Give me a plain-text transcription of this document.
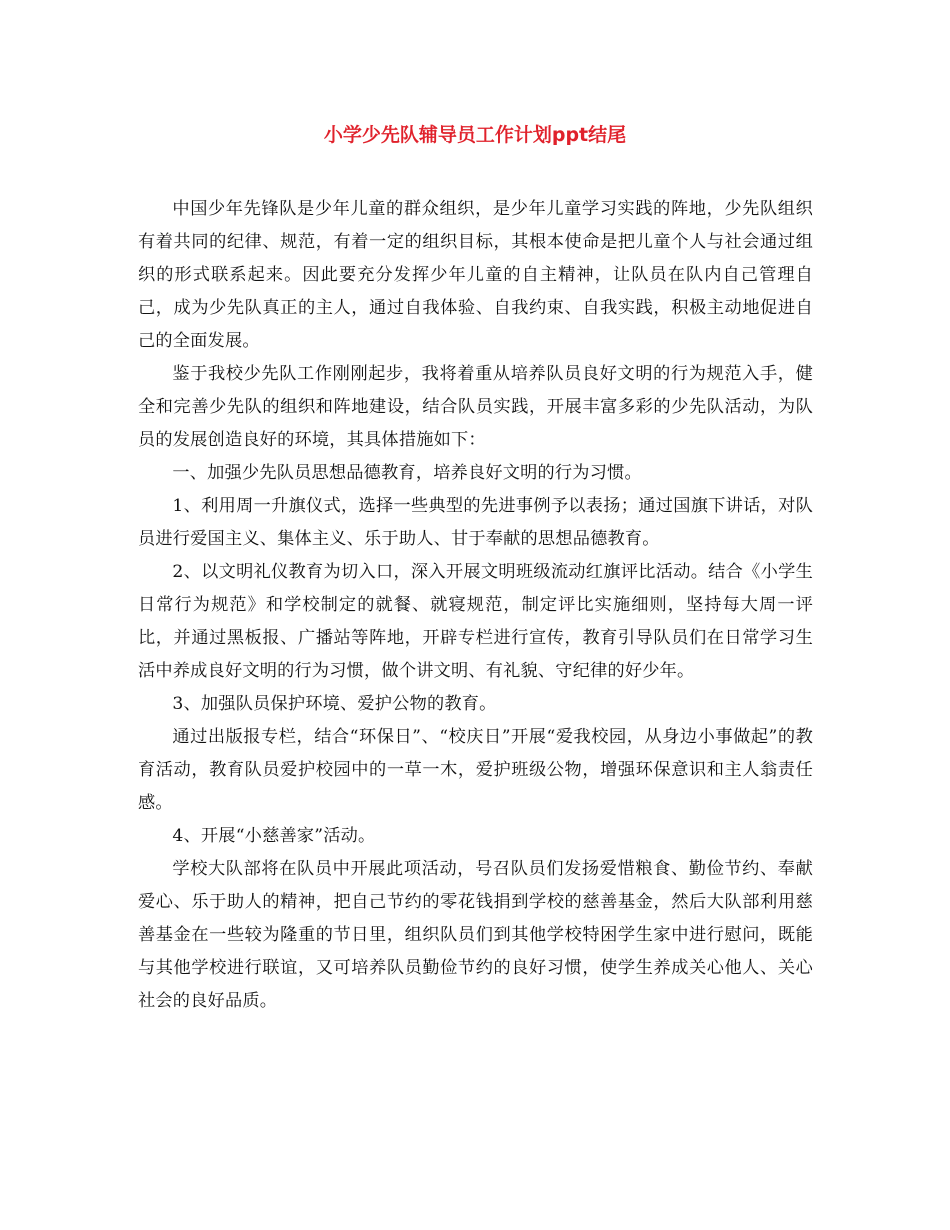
小学少先队辅导员工作计划ppt结尾

中国少年先锋队是少年儿童的群众组织，是少年儿童学习实践的阵地，少先队组织有着共同的纪律、规范，有着一定的组织目标，其根本使命是把儿童个人与社会通过组织的形式联系起来。因此要充分发挥少年儿童的自主精神，让队员在队内自己管理自己，成为少先队真正的主人，通过自我体验、自我约束、自我实践，积极主动地促进自己的全面发展。

鉴于我校少先队工作刚刚起步，我将着重从培养队员良好文明的行为规范入手，健全和完善少先队的组织和阵地建设，结合队员实践，开展丰富多彩的少先队活动，为队员的发展创造良好的环境，其具体措施如下：

一、加强少先队员思想品德教育，培养良好文明的行为习惯。

1、利用周一升旗仪式，选择一些典型的先进事例予以表扬；通过国旗下讲话，对队员进行爱国主义、集体主义、乐于助人、甘于奉献的思想品德教育。

2、以文明礼仪教育为切入口，深入开展文明班级流动红旗评比活动。结合《小学生日常行为规范》和学校制定的就餐、就寝规范，制定评比实施细则，坚持每大周一评比，并通过黑板报、广播站等阵地，开辟专栏进行宣传，教育引导队员们在日常学习生活中养成良好文明的行为习惯，做个讲文明、有礼貌、守纪律的好少年。

3、加强队员保护环境、爱护公物的教育。

通过出版报专栏，结合“环保日”、“校庆日”开展“爱我校园，从身边小事做起”的教育活动，教育队员爱护校园中的一草一木，爱护班级公物，增强环保意识和主人翁责任感。

4、开展“小慈善家”活动。

学校大队部将在队员中开展此项活动，号召队员们发扬爱惜粮食、勤俭节约、奉献爱心、乐于助人的精神，把自己节约的零花钱捐到学校的慈善基金，然后大队部利用慈善基金在一些较为隆重的节日里，组织队员们到其他学校特困学生家中进行慰问，既能与其他学校进行联谊，又可培养队员勤俭节约的良好习惯，使学生养成关心他人、关心社会的良好品质。
